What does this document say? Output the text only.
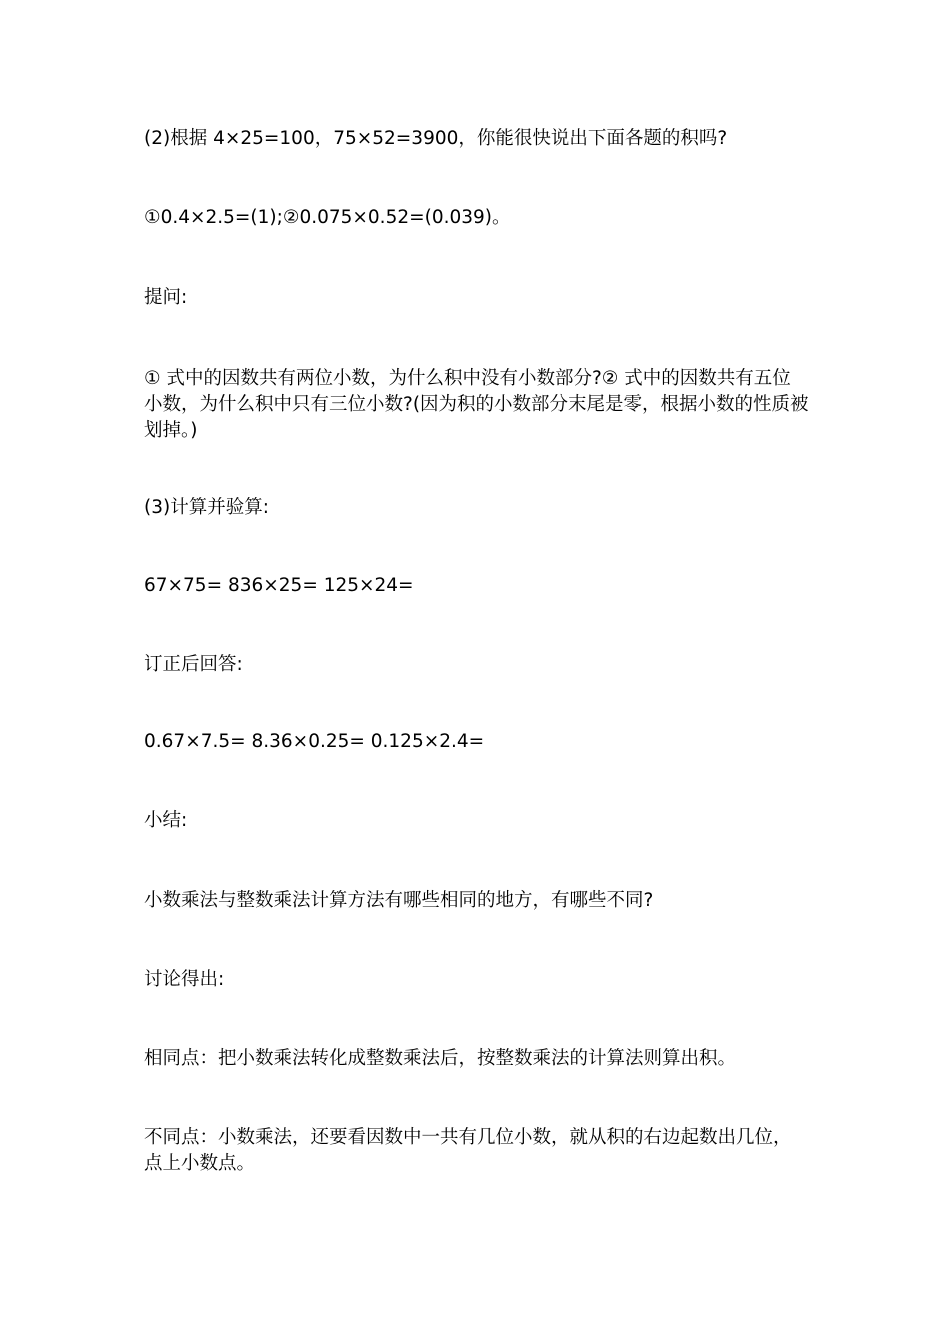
(2)根据 4×25=100，75×52=3900，你能很快说出下面各题的积吗?

①0.4×2.5=(1);②0.075×0.52=(0.039)。

提问:

① 式中的因数共有两位小数，为什么积中没有小数部分?② 式中的因数共有五位小数，为什么积中只有三位小数?(因为积的小数部分末尾是零，根据小数的性质被划掉。)

(3)计算并验算:

67×75= 836×25= 125×24=

订正后回答:

0.67×7.5= 8.36×0.25= 0.125×2.4=

小结:

小数乘法与整数乘法计算方法有哪些相同的地方，有哪些不同?

讨论得出:

相同点：把小数乘法转化成整数乘法后，按整数乘法的计算法则算出积。

不同点：小数乘法，还要看因数中一共有几位小数，就从积的右边起数出几位，点上小数点。
